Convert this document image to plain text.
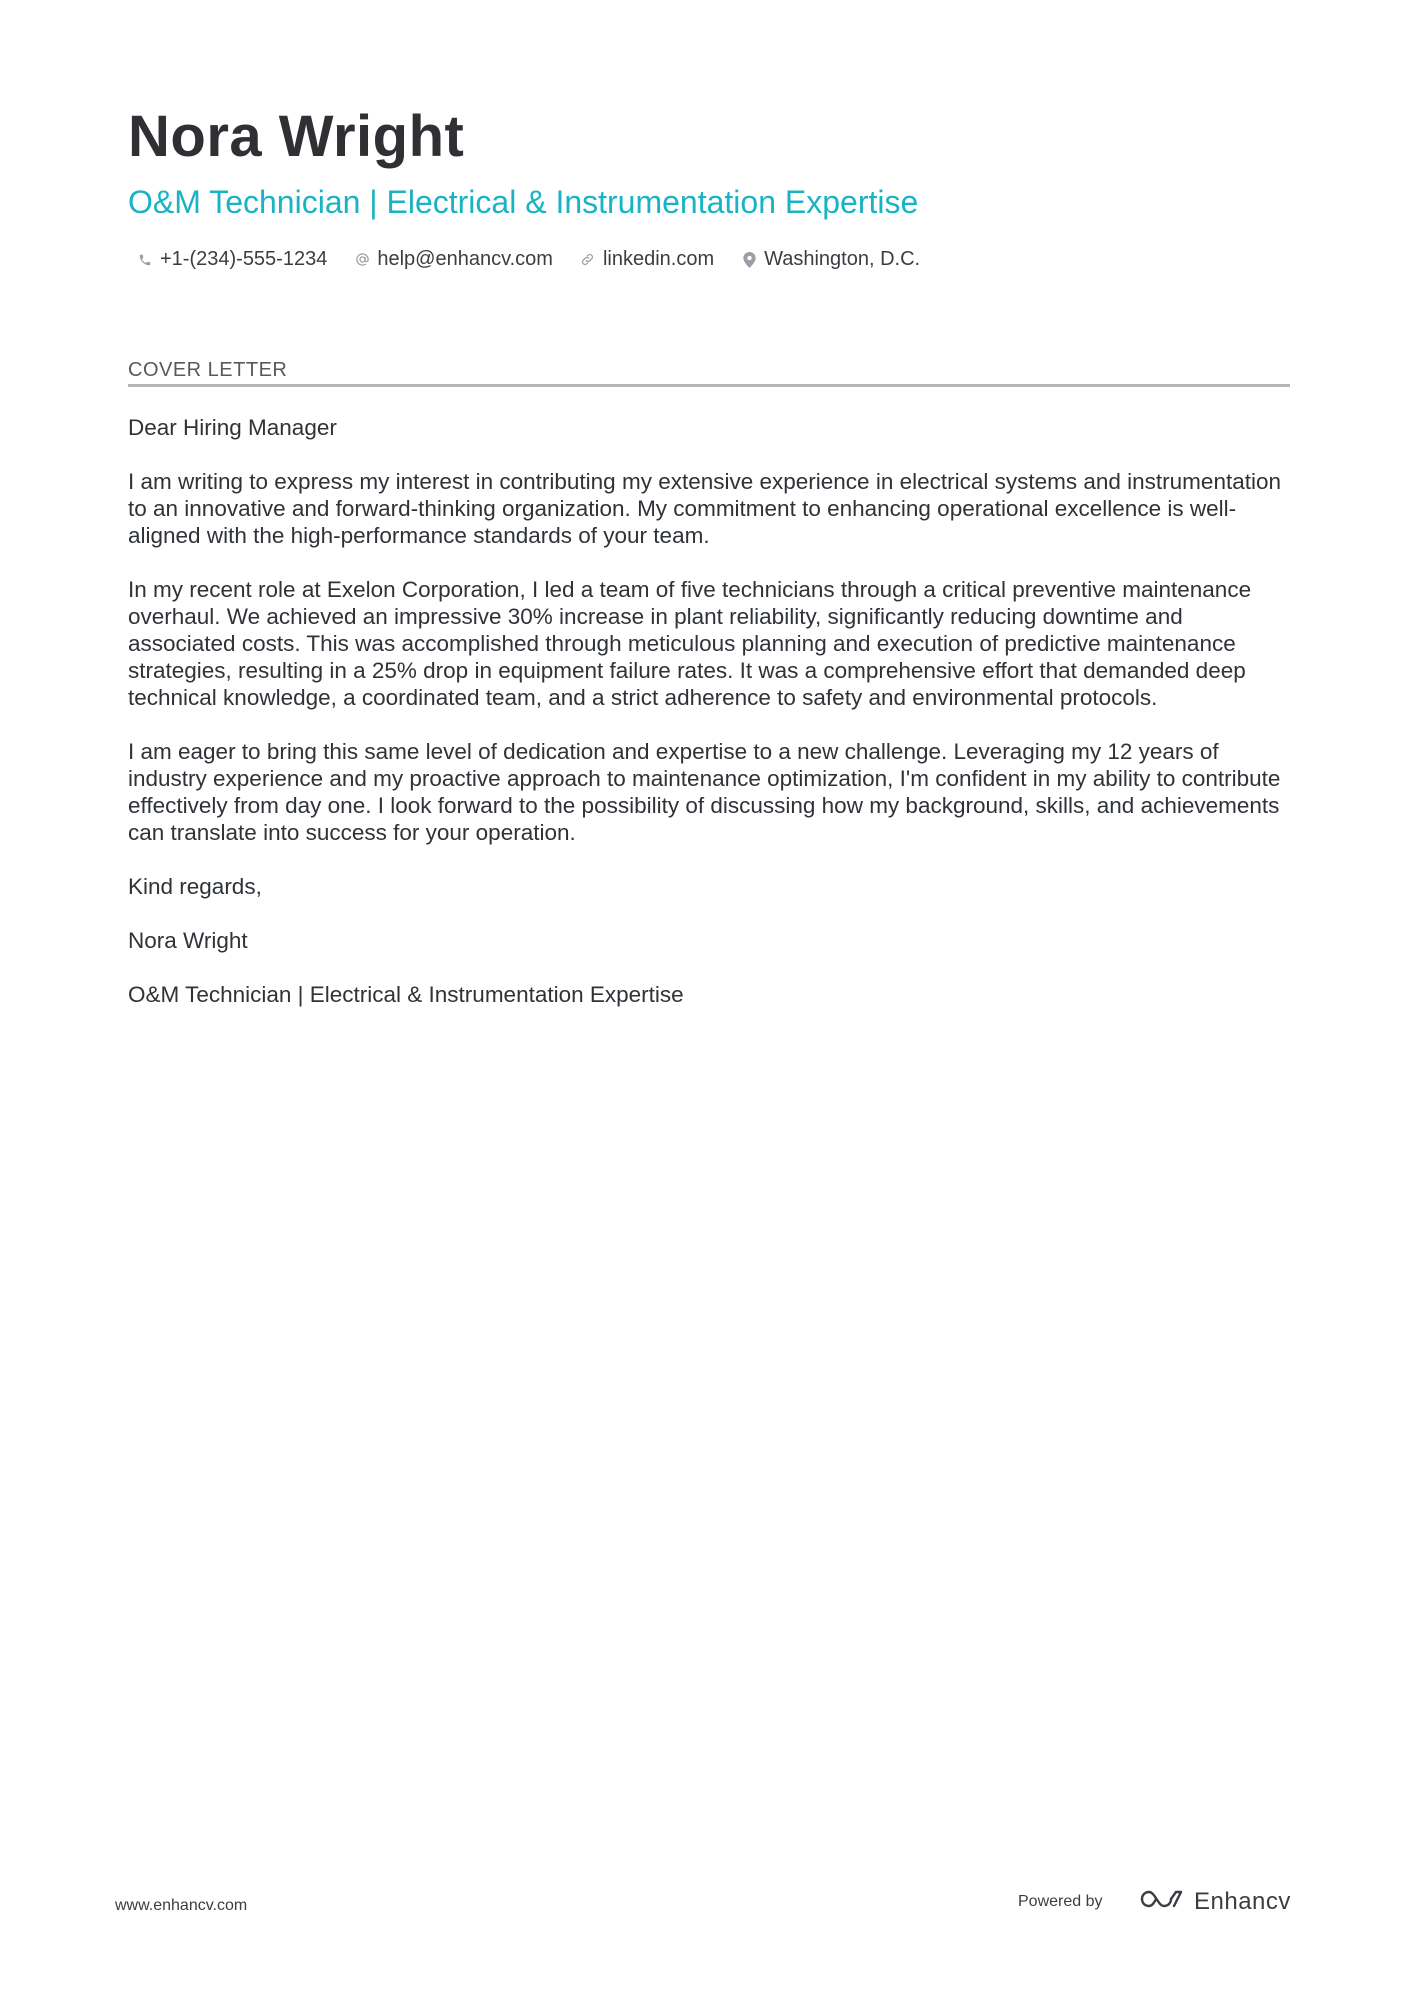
Nora Wright
O&M Technician | Electrical & Instrumentation Expertise
+1-(234)-555-1234	help@enhancv.com	linkedin.com	Washington, D.C.
COVER LETTER

Dear Hiring Manager

I am writing to express my interest in contributing my extensive experience in electrical systems and instrumentation to an innovative and forward-thinking organization. My commitment to enhancing operational excellence is well-aligned with the high-performance standards of your team.

In my recent role at Exelon Corporation, I led a team of five technicians through a critical preventive maintenance overhaul. We achieved an impressive 30% increase in plant reliability, significantly reducing downtime and associated costs. This was accomplished through meticulous planning and execution of predictive maintenance strategies, resulting in a 25% drop in equipment failure rates. It was a comprehensive effort that demanded deep technical knowledge, a coordinated team, and a strict adherence to safety and environmental protocols.

I am eager to bring this same level of dedication and expertise to a new challenge. Leveraging my 12 years of industry experience and my proactive approach to maintenance optimization, I'm confident in my ability to contribute effectively from day one. I look forward to the possibility of discussing how my background, skills, and achievements can translate into success for your operation.

Kind regards,

Nora Wright

O&M Technician | Electrical & Instrumentation Expertise

www.enhancv.com	Powered by	Enhancv
